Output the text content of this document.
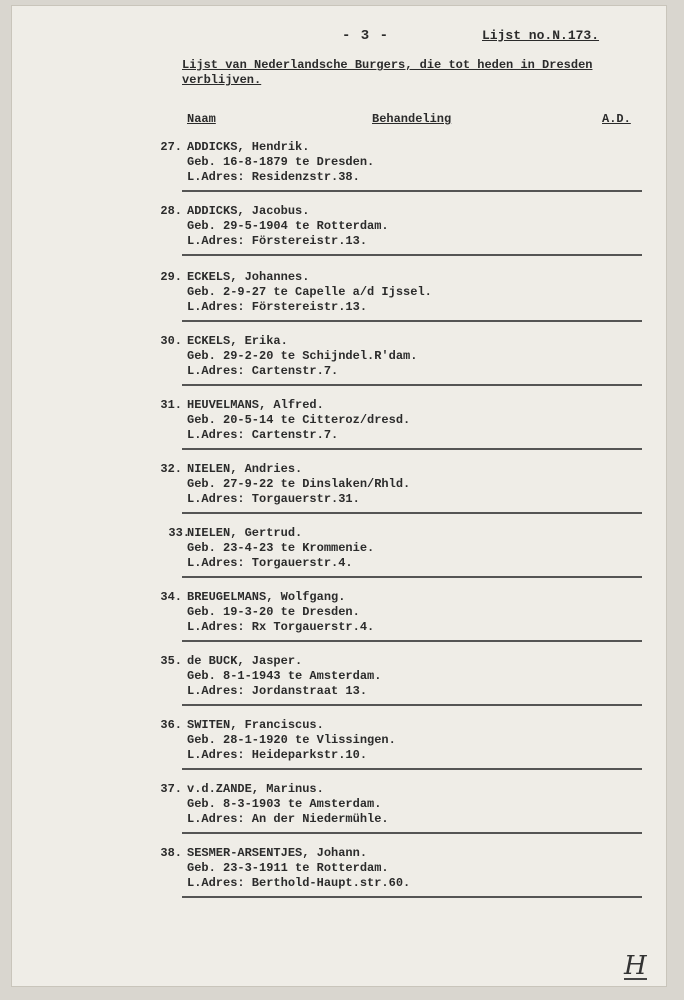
- 3 -	Lijst no.N.173.
Lijst van Nederlandsche Burgers, die tot heden in Dresden verblijven.
Naam	Behandeling	A.D.
27. ADDICKS, Hendrik.
Geb. 16-8-1879 te Dresden.
L.Adres: Residenzstr.38.
28. ADDICKS, Jacobus.
Geb. 29-5-1904 te Rotterdam.
L.Adres: Förstereistr.13.
29. ECKELS, Johannes.
Geb. 2-9-27 te Capelle a/d Ijssel.
L.Adres: Förstereistr.13.
30. ECKELS, Erika.
Geb. 29-2-20 te Schijndel.R'dam.
L.Adres: Cartenstr.7.
31. HEUVELMANS, Alfred.
Geb. 20-5-14 te Citteroz/dresd.
L.Adres: Cartenstr.7.
32. NIELEN, Andries.
Geb. 27-9-22 te Dinslaken/Rhld.
L.Adres: Torgauerstr.31.
33.
NIELEN, Gertrud.
Geb. 23-4-23 te Krommenie.
L.Adres: Torgauerstr.4.
34. BREUGELMANS, Wolfgang.
Geb. 19-3-20 te Dresden.
L.Adres: Rx Torgauerstr.4.
35. de BUCK, Jasper.
Geb. 8-1-1943 te Amsterdam.
L.Adres: Jordanstraat 13.
36. SWITEN, Franciscus.
Geb. 28-1-1920 te Vlissingen.
L.Adres: Heideparkstr.10.
37. v.d.ZANDE, Marinus.
Geb. 8-3-1903 te Amsterdam.
L.Adres: An der Niedermühle.
38. SESMER-ARSENTJES, Johann.
Geb. 23-3-1911 te Rotterdam.
L.Adres: Berthold-Haupt.str.60.
H
